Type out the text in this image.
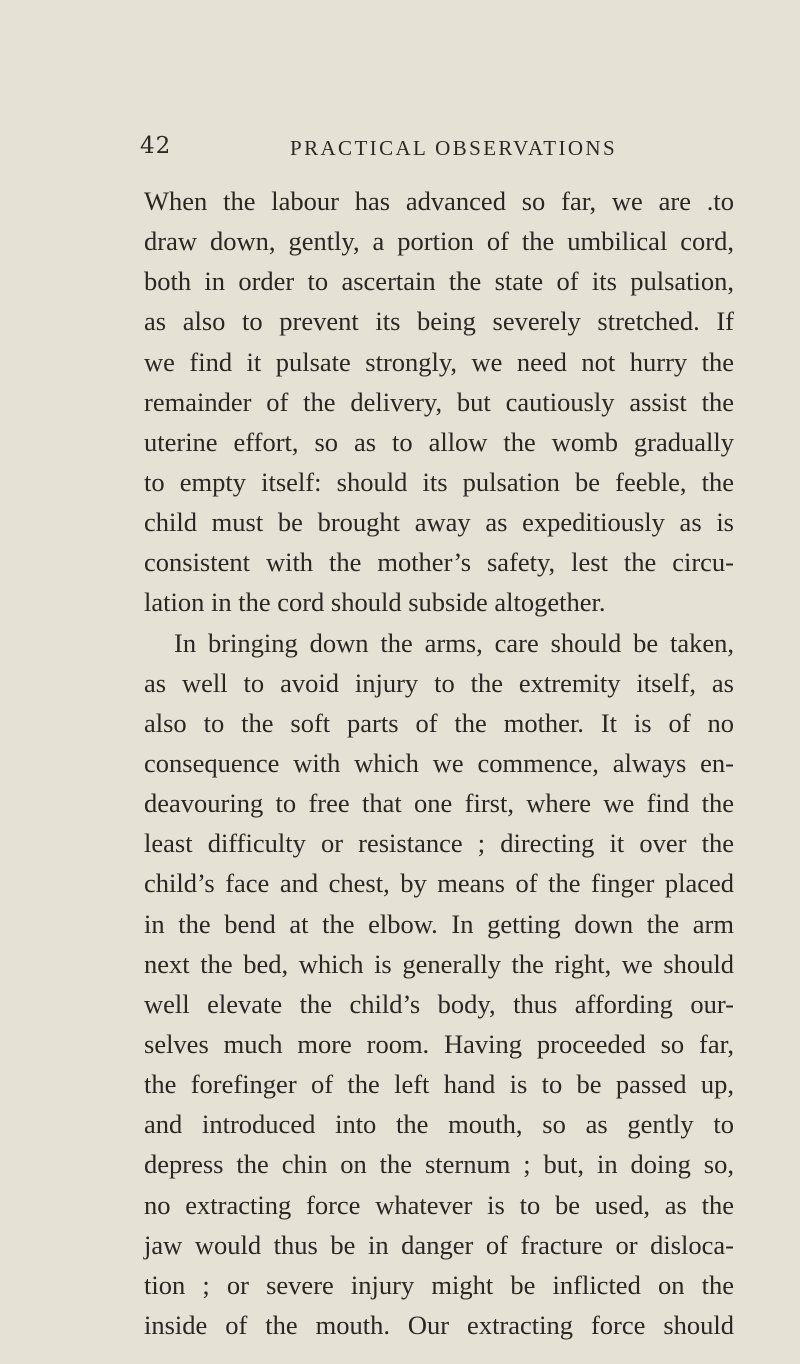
42	PRACTICAL OBSERVATIONS
When the labour has advanced so far, we are .to
draw down, gently, a portion of the umbilical cord,
both in order to ascertain the state of its pulsation,
as also to prevent its being severely stretched. If
we find it pulsate strongly, we need not hurry the
remainder of the delivery, but cautiously assist the
uterine effort, so as to allow the womb gradually
to empty itself: should its pulsation be feeble, the
child must be brought away as expeditiously as is
consistent with the mother’s safety, lest the circu-
lation in the cord should subside altogether.
In bringing down the arms, care should be taken,
as well to avoid injury to the extremity itself, as
also to the soft parts of the mother. It is of no
consequence with which we commence, always en-
deavouring to free that one first, where we find the
least difficulty or resistance ; directing it over the
child’s face and chest, by means of the finger placed
in the bend at the elbow. In getting down the arm
next the bed, which is generally the right, we should
well elevate the child’s body, thus affording our-
selves much more room. Having proceeded so far,
the forefinger of the left hand is to be passed up,
and introduced into the mouth, so as gently to
depress the chin on the sternum ; but, in doing so,
no extracting force whatever is to be used, as the
jaw would thus be in danger of fracture or disloca-
tion ; or severe injury might be inflicted on the
inside of the mouth. Our extracting force should
